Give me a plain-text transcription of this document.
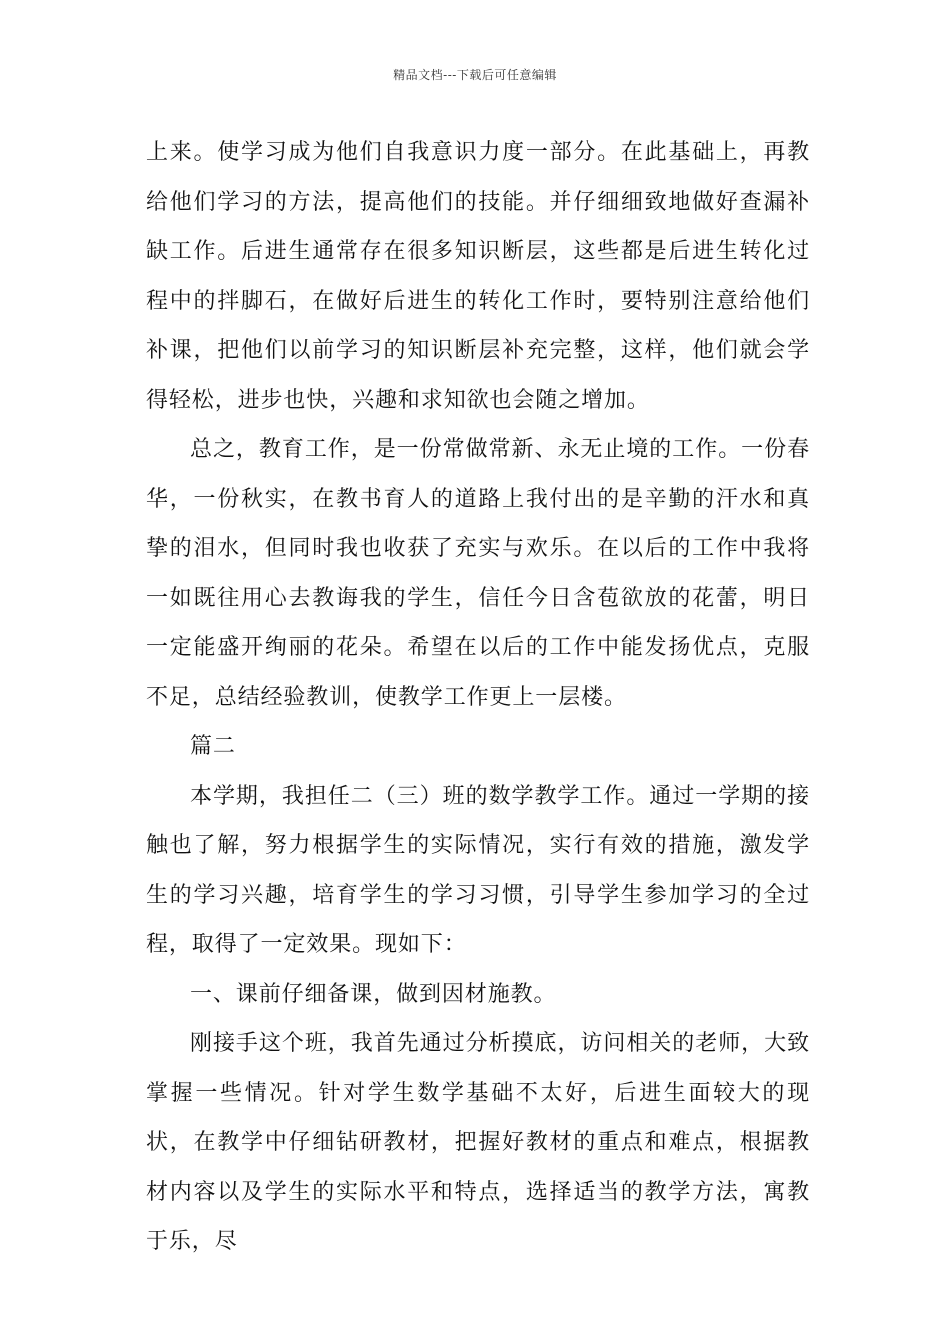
精品文档---下载后可任意编辑

上来。使学习成为他们自我意识力度一部分。在此基础上，再教给他们学习的方法，提高他们的技能。并仔细细致地做好查漏补缺工作。后进生通常存在很多知识断层，这些都是后进生转化过程中的拌脚石，在做好后进生的转化工作时，要特别注意给他们补课，把他们以前学习的知识断层补充完整，这样，他们就会学得轻松，进步也快，兴趣和求知欲也会随之增加。

总之，教育工作，是一份常做常新、永无止境的工作。一份春华，一份秋实，在教书育人的道路上我付出的是辛勤的汗水和真挚的泪水，但同时我也收获了充实与欢乐。在以后的工作中我将一如既往用心去教诲我的学生，信任今日含苞欲放的花蕾，明日一定能盛开绚丽的花朵。希望在以后的工作中能发扬优点，克服不足，总结经验教训，使教学工作更上一层楼。

篇二

本学期，我担任二（三）班的数学教学工作。通过一学期的接触也了解，努力根据学生的实际情况，实行有效的措施，激发学生的学习兴趣，培育学生的学习习惯，引导学生参加学习的全过程，取得了一定效果。现如下：

一、课前仔细备课，做到因材施教。

刚接手这个班，我首先通过分析摸底，访问相关的老师，大致掌握一些情况。针对学生数学基础不太好，后进生面较大的现状，在教学中仔细钻研教材，把握好教材的重点和难点，根据教材内容以及学生的实际水平和特点，选择适当的教学方法，寓教于乐，尽
